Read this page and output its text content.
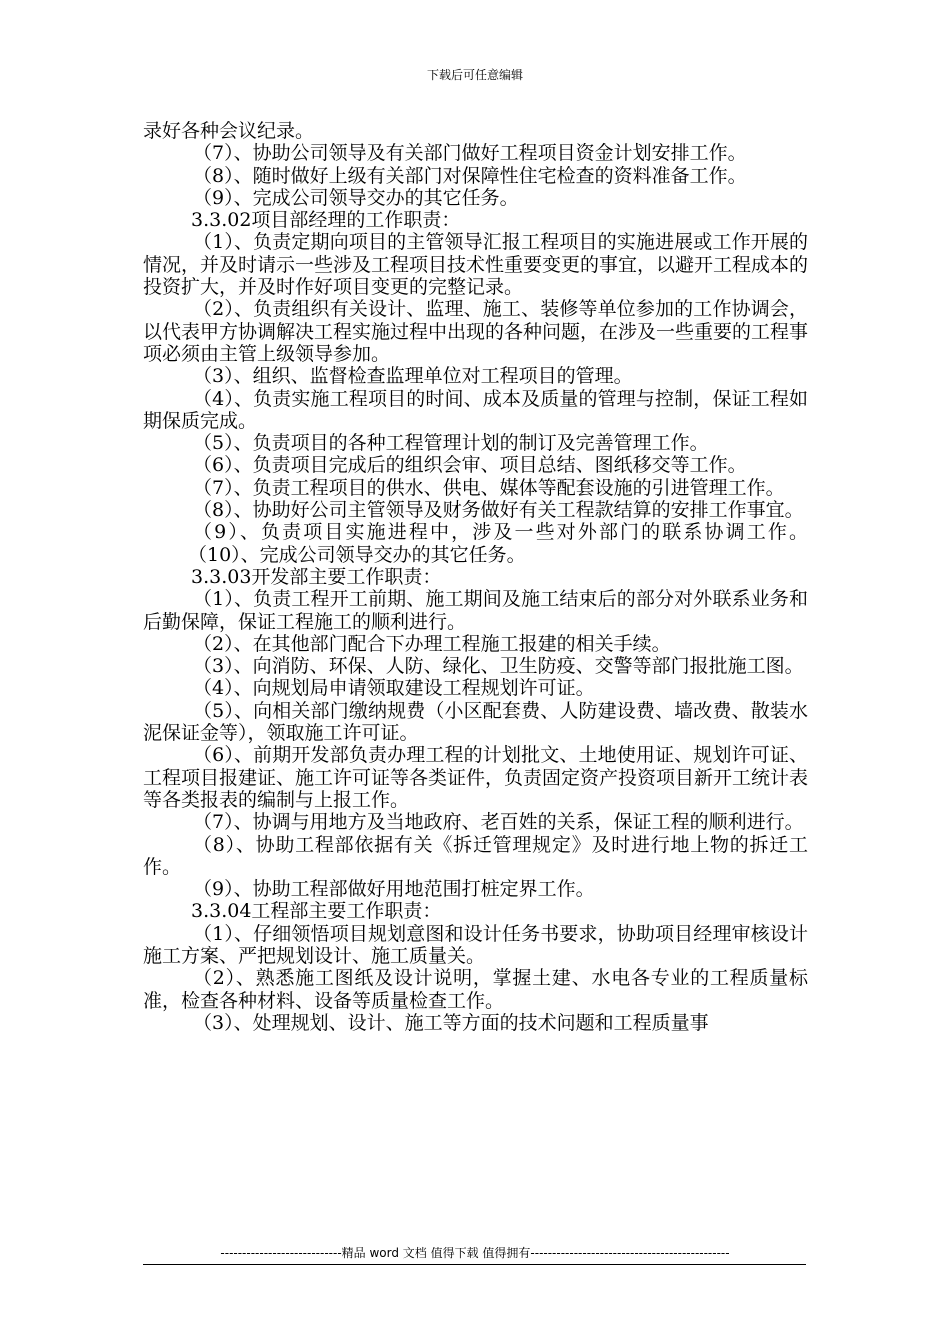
下载后可任意编辑

录好各种会议纪录。

（7）、协助公司领导及有关部门做好工程项目资金计划安排工作。

（8）、随时做好上级有关部门对保障性住宅检查的资料准备工作。

（9）、完成公司领导交办的其它任务。

3.3.02项目部经理的工作职责：

（1）、负责定期向项目的主管领导汇报工程项目的实施进展或工作开展的情况，并及时请示一些涉及工程项目技术性重要变更的事宜，以避开工程成本的投资扩大，并及时作好项目变更的完整记录。

（2）、负责组织有关设计、监理、施工、装修等单位参加的工作协调会，以代表甲方协调解决工程实施过程中出现的各种问题，在涉及一些重要的工程事项必须由主管上级领导参加。

（3）、组织、监督检查监理单位对工程项目的管理。

（4）、负责实施工程项目的时间、成本及质量的管理与控制，保证工程如期保质完成。

（5）、负责项目的各种工程管理计划的制订及完善管理工作。

（6）、负责项目完成后的组织会审、项目总结、图纸移交等工作。

（7）、负责工程项目的供水、供电、媒体等配套设施的引进管理工作。

（8）、协助好公司主管领导及财务做好有关工程款结算的安排工作事宜。

（9）、负责项目实施进程中，涉及一些对外部门的联系协调工作。（10）、完成公司领导交办的其它任务。

3.3.03开发部主要工作职责：

（1）、负责工程开工前期、施工期间及施工结束后的部分对外联系业务和后勤保障，保证工程施工的顺利进行。

（2）、在其他部门配合下办理工程施工报建的相关手续。

（3）、向消防、环保、人防、绿化、卫生防疫、交警等部门报批施工图。

（4）、向规划局申请领取建设工程规划许可证。

（5）、向相关部门缴纳规费（小区配套费、人防建设费、墙改费、散装水泥保证金等），领取施工许可证。

（6）、前期开发部负责办理工程的计划批文、土地使用证、规划许可证、工程项目报建证、施工许可证等各类证件，负责固定资产投资项目新开工统计表等各类报表的编制与上报工作。

（7）、协调与用地方及当地政府、老百姓的关系，保证工程的顺利进行。

（8）、协助工程部依据有关《拆迁管理规定》及时进行地上物的拆迁工作。

（9）、协助工程部做好用地范围打桩定界工作。

3.3.04工程部主要工作职责：

（1）、仔细领悟项目规划意图和设计任务书要求，协助项目经理审核设计施工方案、严把规划设计、施工质量关。

（2）、熟悉施工图纸及设计说明，掌握土建、水电各专业的工程质量标准，检查各种材料、设备等质量检查工作。

（3）、处理规划、设计、施工等方面的技术问题和工程质量事

----------------------------精品 word 文档 值得下载 值得拥有----------------------------------------------
